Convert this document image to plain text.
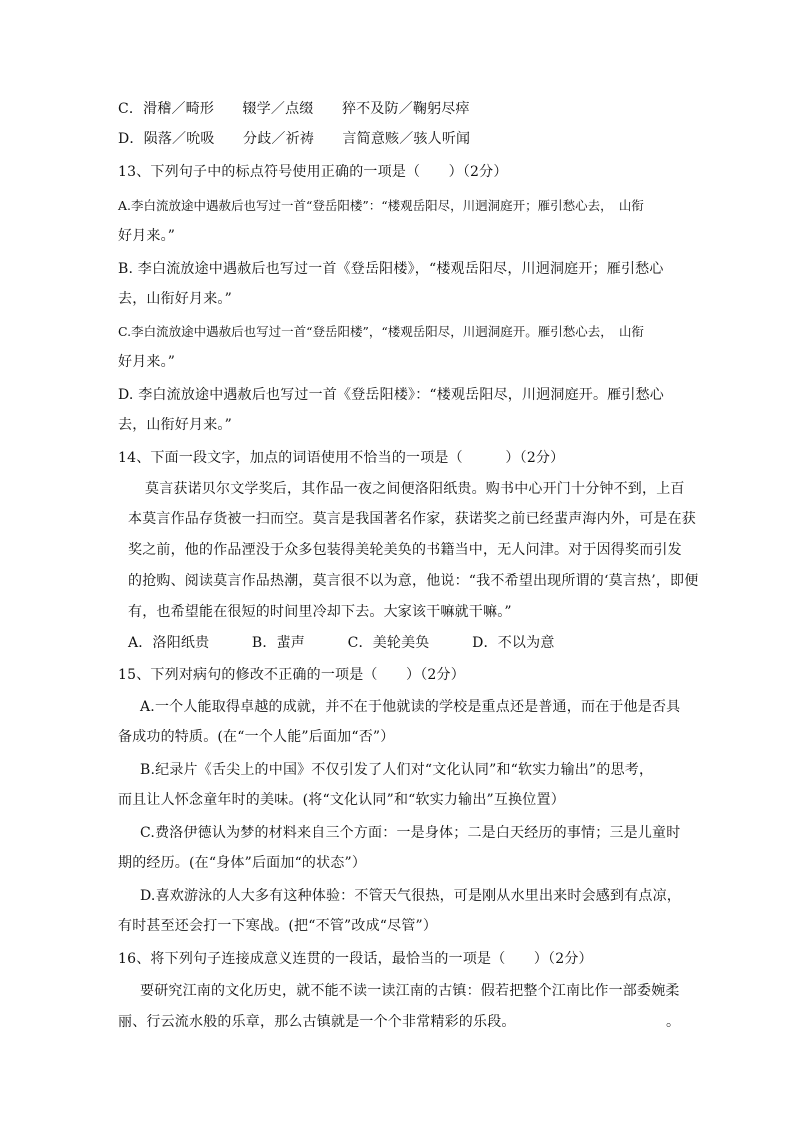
C．滑稽／畸形　　辍学／点缀　　猝不及防／鞠躬尽瘁

D．陨落／吮吸　　分歧／祈祷　　言简意赅／骇人听闻

13、下列句子中的标点符号使用正确的一项是（　　）（2分）

A.李白流放途中遇赦后也写过一首“登岳阳楼”：“楼观岳阳尽，川迥洞庭开；雁引愁心去，　山衔

好月来。”

B. 李白流放途中遇赦后也写过一首《登岳阳楼》，“楼观岳阳尽，川迥洞庭开；雁引愁心

去，山衔好月来。”

C.李白流放途中遇赦后也写过一首“登岳阳楼”，“楼观岳阳尽，川迥洞庭开。雁引愁心去，　山衔

好月来。”

D. 李白流放途中遇赦后也写过一首《登岳阳楼》：“楼观岳阳尽，川迥洞庭开。雁引愁心

去，山衔好月来。”

14、下面一段文字，加点的词语使用不恰当的一项是（　　　）（2分）

莫言获诺贝尔文学奖后，其作品一夜之间便洛阳纸贵。购书中心开门十分钟不到，上百

本莫言作品存货被一扫而空。莫言是我国著名作家，获诺奖之前已经蜚声海内外，可是在获

奖之前，他的作品湮没于众多包装得美轮美奂的书籍当中，无人问津。对于因得奖而引发

的抢购、阅读莫言作品热潮，莫言很不以为意，他说：“我不希望出现所谓的‘莫言热’，即便

有，也希望能在很短的时间里冷却下去。大家该干嘛就干嘛。”

A．洛阳纸贵　　　B．蜚声　　　C．美轮美奂　　　D．不以为意

15、下列对病句的修改不正确的一项是（　　）（2分）

A.一个人能取得卓越的成就，并不在于他就读的学校是重点还是普通，而在于他是否具

备成功的特质。(在“一个人能”后面加“否”）

B.纪录片《舌尖上的中国》不仅引发了人们对“文化认同”和“软实力输出”的思考，

而且让人怀念童年时的美味。(将“文化认同”和“软实力输出”互换位置）

C.费洛伊德认为梦的材料来自三个方面：一是身体；二是白天经历的事情；三是儿童时

期的经历。(在“身体”后面加“的状态”）

D.喜欢游泳的人大多有这种体验：不管天气很热，可是刚从水里出来时会感到有点凉，

有时甚至还会打一下寒战。(把“不管”改成“尽管”）

16、将下列句子连接成意义连贯的一段话，最恰当的一项是（　　）（2分）

要研究江南的文化历史，就不能不读一读江南的古镇：假若把整个江南比作一部委婉柔

丽、行云流水般的乐章，那么古镇就是一个个非常精彩的乐段。	。
